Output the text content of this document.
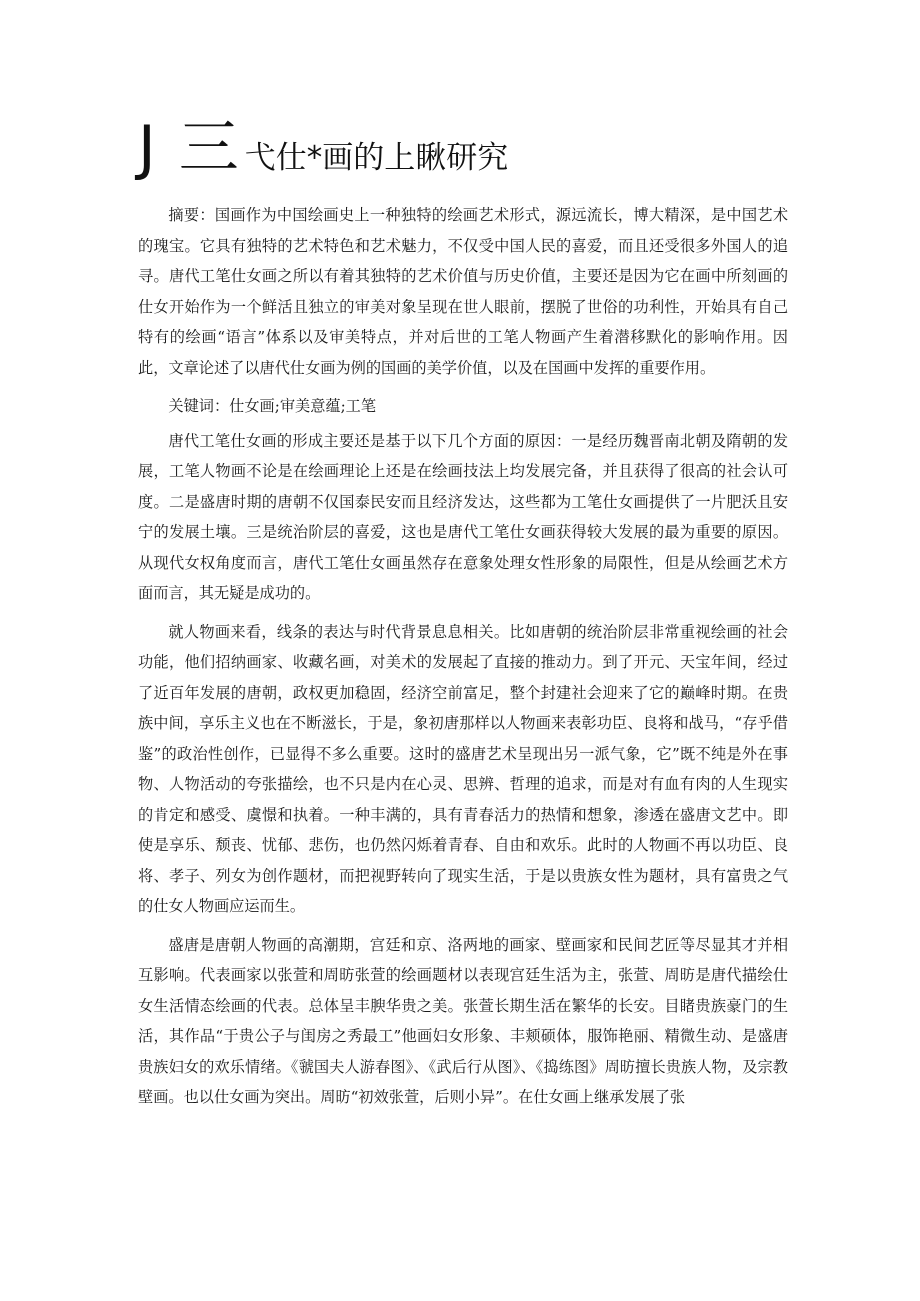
J 三 弋仕*画的上瞅研究

摘要：国画作为中国绘画史上一种独特的绘画艺术形式，源远流长，博大精深，是中国艺术的瑰宝。它具有独特的艺术特色和艺术魅力，不仅受中国人民的喜爱，而且还受很多外国人的追寻。唐代工笔仕女画之所以有着其独特的艺术价值与历史价值，主要还是因为它在画中所刻画的仕女开始作为一个鲜活且独立的审美对象呈现在世人眼前，摆脱了世俗的功利性，开始具有自己特有的绘画“语言”体系以及审美特点，并对后世的工笔人物画产生着潜移默化的影响作用。因此，文章论述了以唐代仕女画为例的国画的美学价值，以及在国画中发挥的重要作用。

关键词：仕女画;审美意蕴;工笔

唐代工笔仕女画的形成主要还是基于以下几个方面的原因：一是经历魏晋南北朝及隋朝的发展，工笔人物画不论是在绘画理论上还是在绘画技法上均发展完备，并且获得了很高的社会认可度。二是盛唐时期的唐朝不仅国泰民安而且经济发达，这些都为工笔仕女画提供了一片肥沃且安宁的发展土壤。三是统治阶层的喜爱，这也是唐代工笔仕女画获得较大发展的最为重要的原因。从现代女权角度而言，唐代工笔仕女画虽然存在意象处理女性形象的局限性，但是从绘画艺术方面而言，其无疑是成功的。

就人物画来看，线条的表达与时代背景息息相关。比如唐朝的统治阶层非常重视绘画的社会功能，他们招纳画家、收藏名画，对美术的发展起了直接的推动力。到了开元、天宝年间，经过了近百年发展的唐朝，政权更加稳固，经济空前富足，整个封建社会迎来了它的巅峰时期。在贵族中间，享乐主义也在不断滋长，于是，象初唐那样以人物画来表彰功臣、良将和战马，“存乎借鉴”的政治性创作，已显得不多么重要。这时的盛唐艺术呈现出另一派气象，它”既不纯是外在事物、人物活动的夸张描绘，也不只是内在心灵、思辨、哲理的追求，而是对有血有肉的人生现实的肯定和感受、虞憬和执着。一种丰满的，具有青春活力的热情和想象，渗透在盛唐文艺中。即使是享乐、颓丧、忧郁、悲伤，也仍然闪烁着青春、自由和欢乐。此时的人物画不再以功臣、良将、孝子、列女为创作题材，而把视野转向了现实生活，于是以贵族女性为题材，具有富贵之气的仕女人物画应运而生。

盛唐是唐朝人物画的高潮期，宫廷和京、洛两地的画家、壁画家和民间艺匠等尽显其才并相互影响。代表画家以张萱和周昉张萱的绘画题材以表现宫廷生活为主，张萱、周昉是唐代描绘仕女生活情态绘画的代表。总体呈丰腴华贵之美。张萱长期生活在繁华的长安。目睹贵族豪门的生活，其作品“于贵公子与闺房之秀最工”他画妇女形象、丰颊硕体，服饰艳丽、精微生动、是盛唐贵族妇女的欢乐情绪。《虢国夫人游春图》、《武后行从图》、《捣练图》周昉擅长贵族人物，及宗教壁画。也以仕女画为突出。周昉“初效张萱，后则小异”。在仕女画上继承发展了张
